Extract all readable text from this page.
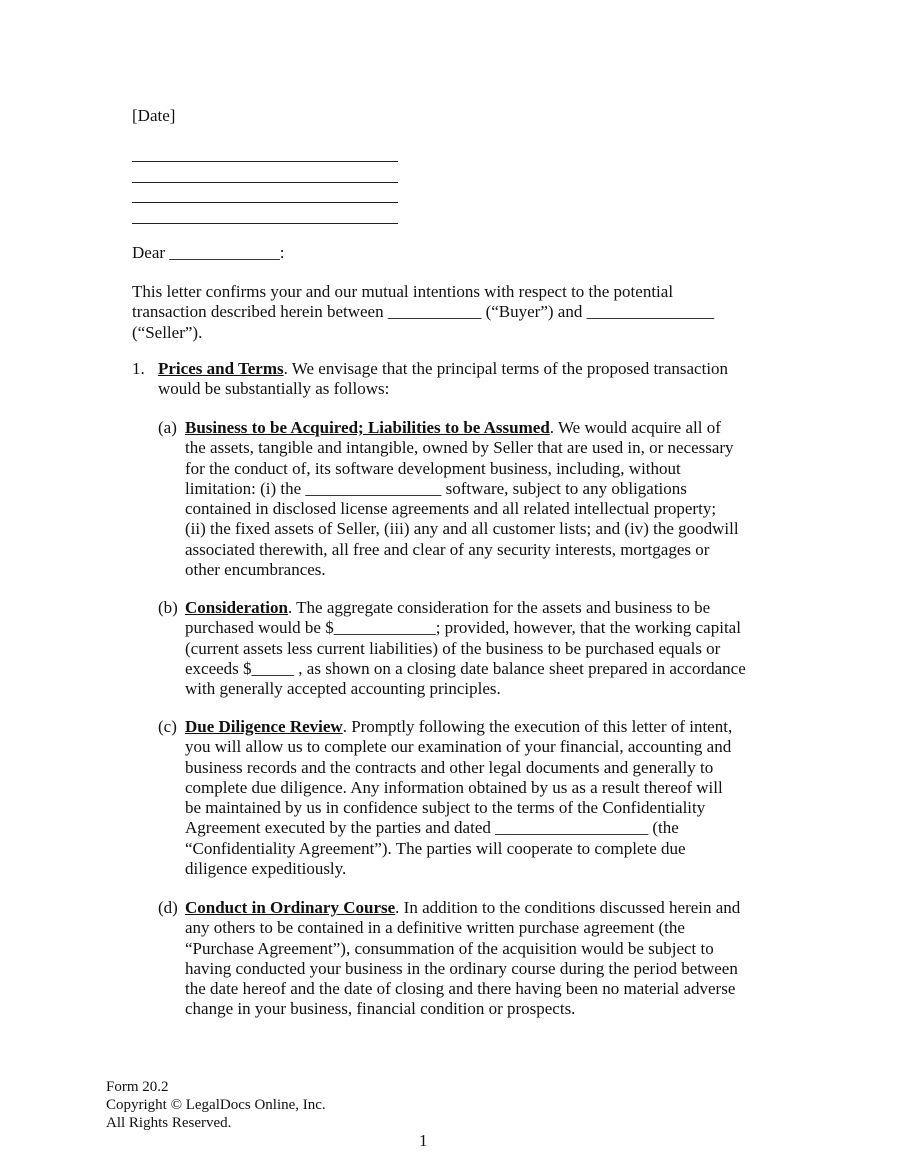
[Date]
Dear _____________:
This letter confirms your and our mutual intentions with respect to the potential
transaction described herein between ___________ (“Buyer”) and _______________
(“Seller”).
1. Prices and Terms. We envisage that the principal terms of the proposed transaction
would be substantially as follows:
(a) Business to be Acquired; Liabilities to be Assumed. We would acquire all of
the assets, tangible and intangible, owned by Seller that are used in, or necessary
for the conduct of, its software development business, including, without
limitation: (i) the ________________ software, subject to any obligations
contained in disclosed license agreements and all related intellectual property;
(ii) the fixed assets of Seller, (iii) any and all customer lists; and (iv) the goodwill
associated therewith, all free and clear of any security interests, mortgages or
other encumbrances.
(b) Consideration. The aggregate consideration for the assets and business to be
purchased would be $____________; provided, however, that the working capital
(current assets less current liabilities) of the business to be purchased equals or
exceeds $_____ , as shown on a closing date balance sheet prepared in accordance
with generally accepted accounting principles.
(c) Due Diligence Review. Promptly following the execution of this letter of intent,
you will allow us to complete our examination of your financial, accounting and
business records and the contracts and other legal documents and generally to
complete due diligence. Any information obtained by us as a result thereof will
be maintained by us in confidence subject to the terms of the Confidentiality
Agreement executed by the parties and dated __________________ (the
“Confidentiality Agreement”). The parties will cooperate to complete due
diligence expeditiously.
(d) Conduct in Ordinary Course. In addition to the conditions discussed herein and
any others to be contained in a definitive written purchase agreement (the
“Purchase Agreement”), consummation of the acquisition would be subject to
having conducted your business in the ordinary course during the period between
the date hereof and the date of closing and there having been no material adverse
change in your business, financial condition or prospects.
Form 20.2
Copyright © LegalDocs Online, Inc.
All Rights Reserved.
1
